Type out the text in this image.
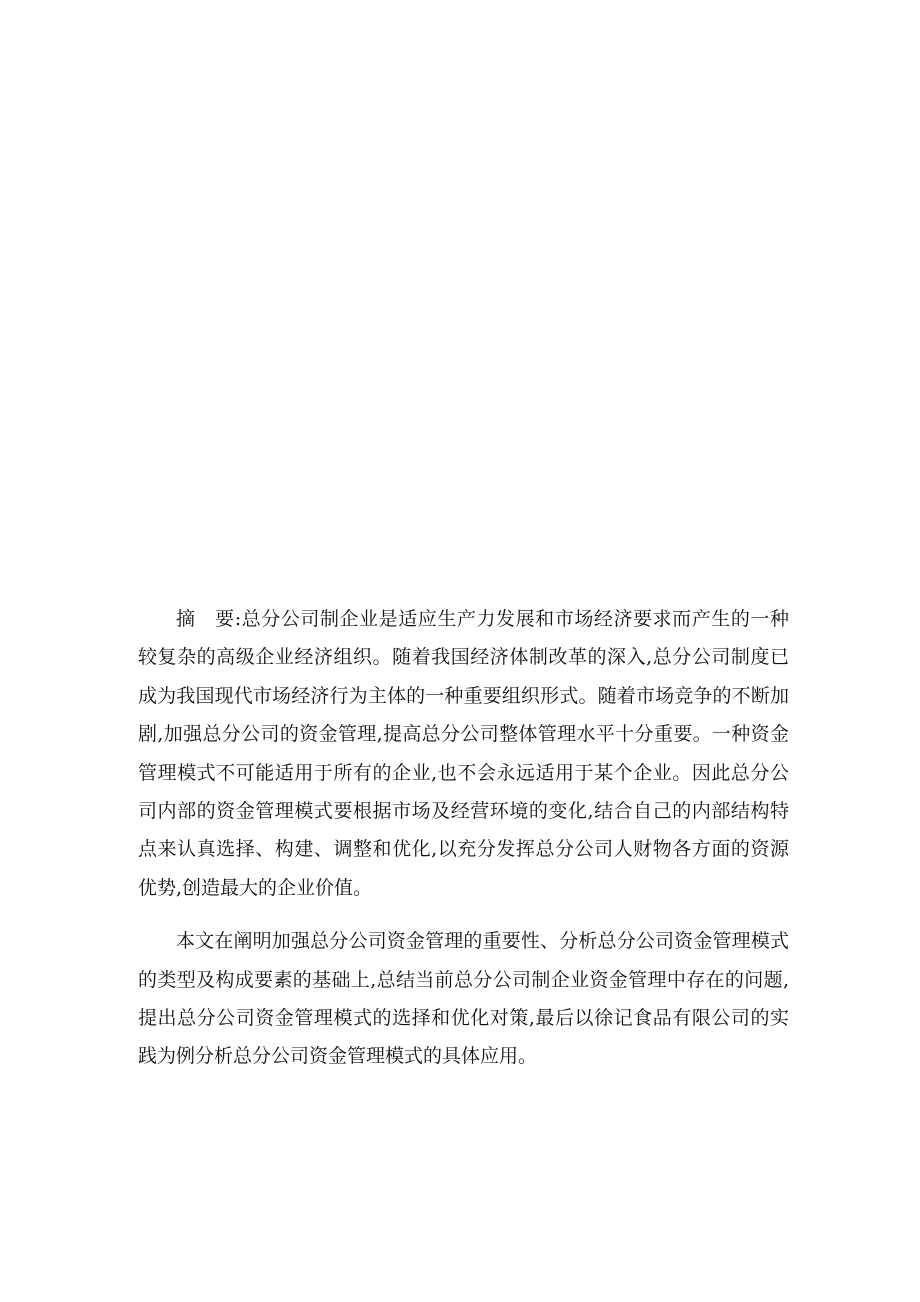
摘 要:总分公司制企业是适应生产力发展和市场经济要求而产生的一种较复杂的高级企业经济组织。随着我国经济体制改革的深入,总分公司制度已成为我国现代市场经济行为主体的一种重要组织形式。随着市场竞争的不断加剧,加强总分公司的资金管理,提高总分公司整体管理水平十分重要。一种资金管理模式不可能适用于所有的企业,也不会永远适用于某个企业。因此总分公司内部的资金管理模式要根据市场及经营环境的变化,结合自己的内部结构特点来认真选择、构建、调整和优化,以充分发挥总分公司人财物各方面的资源优势,创造最大的企业价值。

本文在阐明加强总分公司资金管理的重要性、分析总分公司资金管理模式的类型及构成要素的基础上,总结当前总分公司制企业资金管理中存在的问题,提出总分公司资金管理模式的选择和优化对策,最后以徐记食品有限公司的实践为例分析总分公司资金管理模式的具体应用。
